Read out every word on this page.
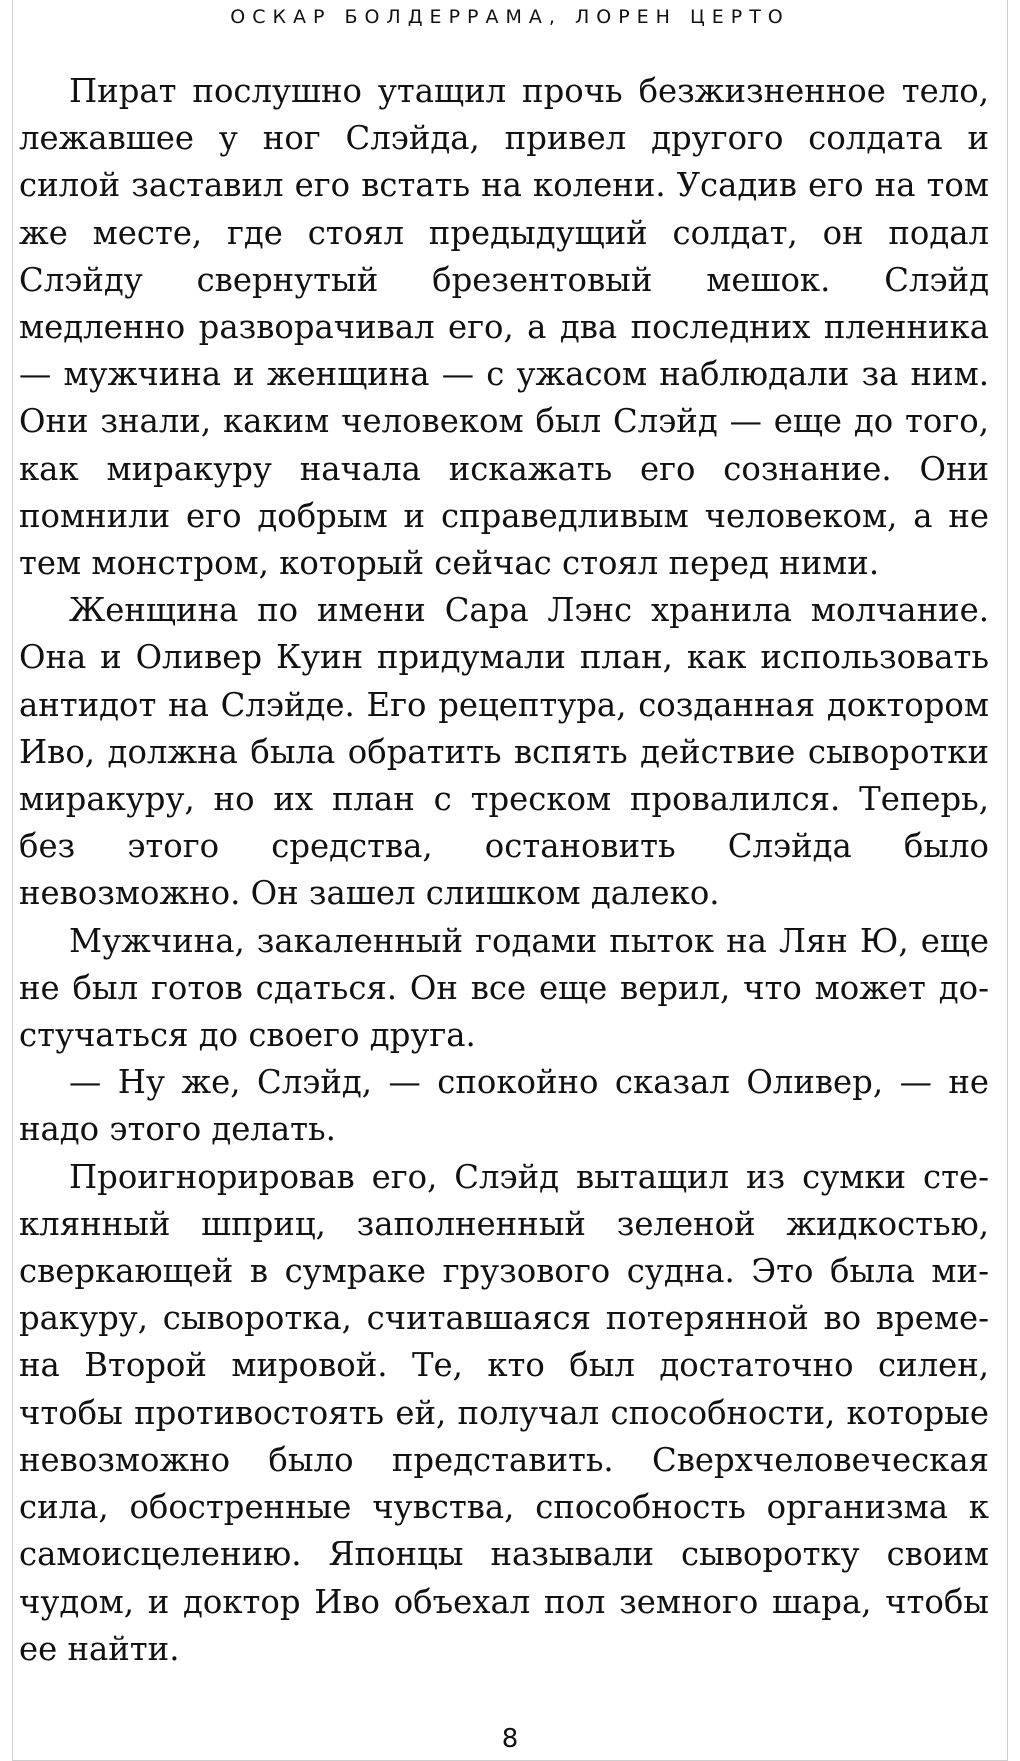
ОСКАР БОЛДЕРРАМА, ЛОРЕН ЦЕРТО

Пират послушно утащил прочь безжизненное тело, лежавшее у ног Слэйда, привел другого солдата и силой заставил его встать на колени. Усадив его на том же месте, где стоял предыдущий солдат, он подал Слэйду свернутый брезентовый мешок. Слэйд медленно разворачивал его, а два последних пленника — мужчина и женщина — с ужасом наблюдали за ним. Они знали, каким человеком был Слэйд — еще до того, как миракуру начала искажать его сознание. Они помнили его добрым и справедливым человеком, а не тем монстром, который сейчас стоял перед ними.

Женщина по имени Сара Лэнс хранила молчание. Она и Оливер Куин придумали план, как использовать антидот на Слэйде. Его рецептура, созданная доктором Иво, должна была обратить вспять действие сыворотки миракуру, но их план с треском провалился. Теперь, без этого средства, остановить Слэйда было невозможно. Он зашел слишком далеко.

Мужчина, закаленный годами пыток на Лян Ю, еще не был готов сдаться. Он все еще верил, что может достучаться до своего друга.

— Ну же, Слэйд, — спокойно сказал Оливер, — не надо этого делать.

Проигнорировав его, Слэйд вытащил из сумки стеклянный шприц, заполненный зеленой жидкостью, сверкающей в сумраке грузового судна. Это была миракуру, сыворотка, считавшаяся потерянной во времена Второй мировой. Те, кто был достаточно силен, чтобы противостоять ей, получал способности, которые невозможно было представить. Сверхчеловеческая сила, обостренные чувства, способность организма к самоисцелению. Японцы называли сыворотку своим чудом, и доктор Иво объехал пол земного шара, чтобы ее найти.

8
